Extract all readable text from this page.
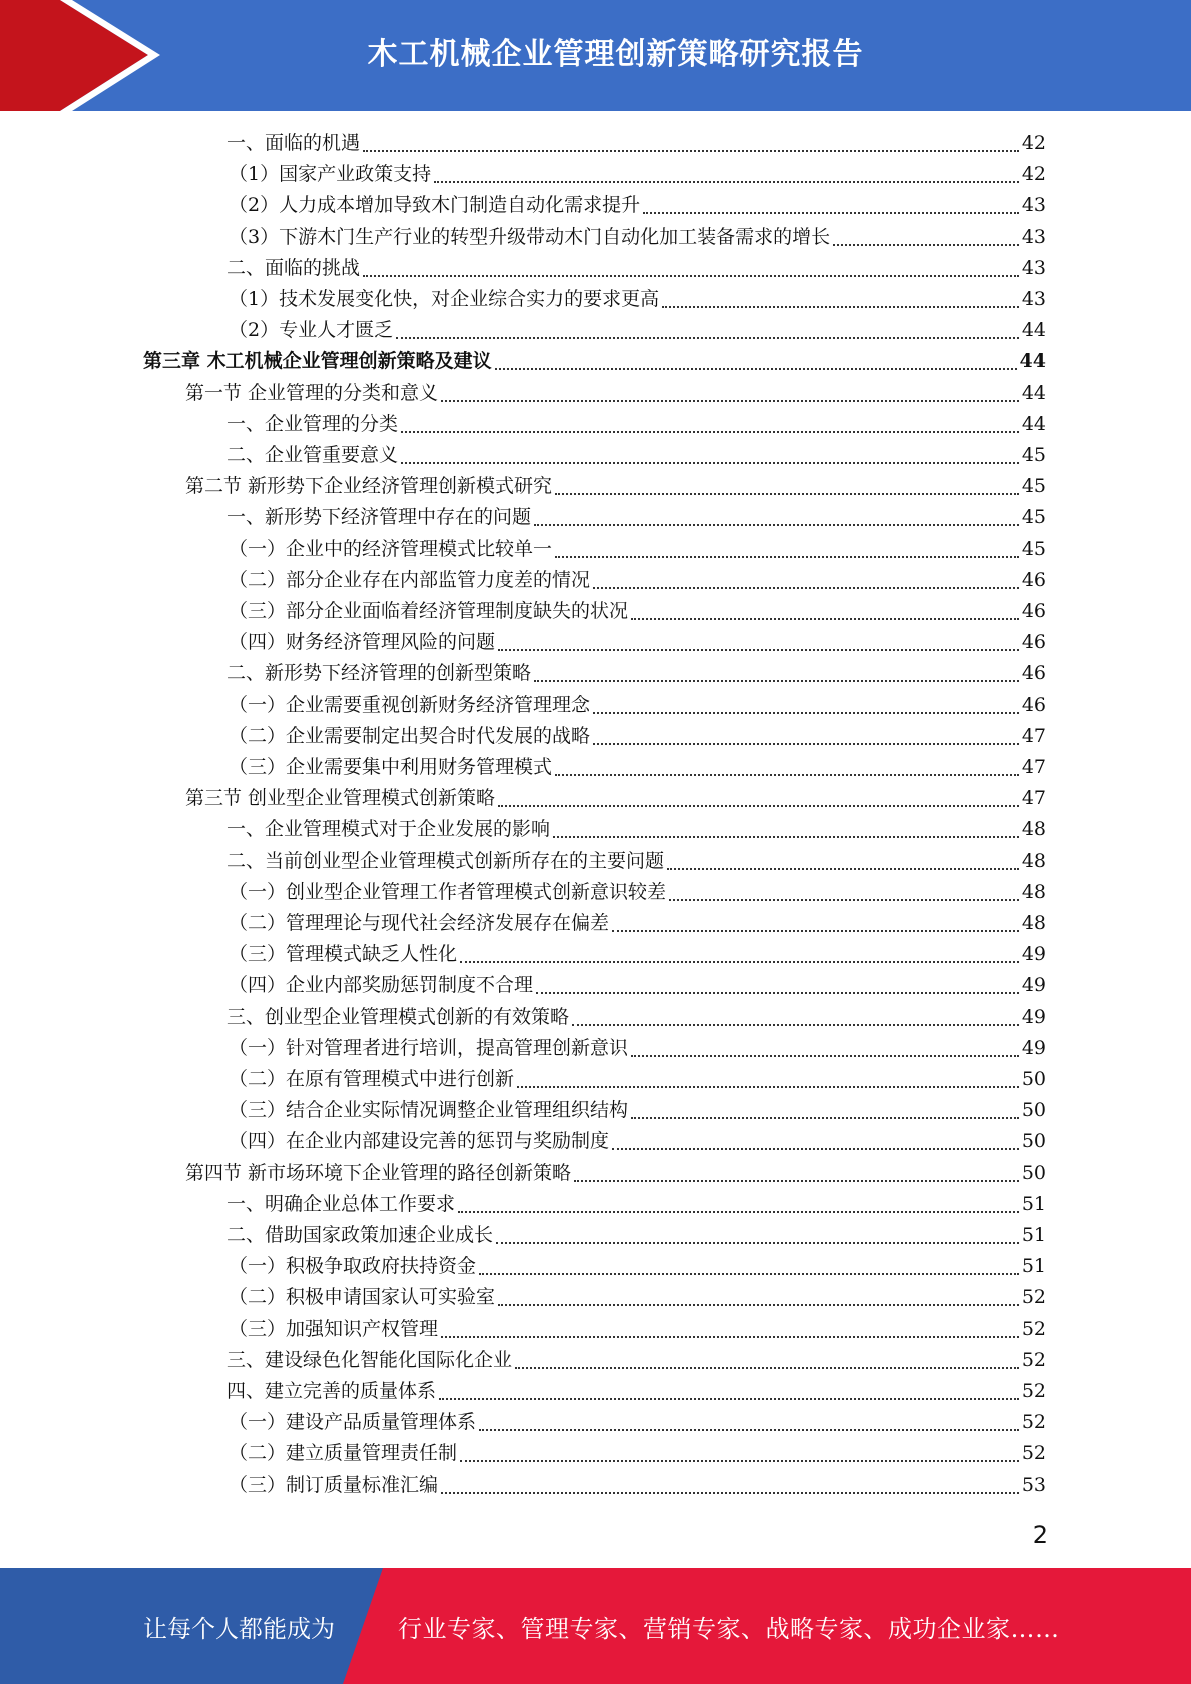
木工机械企业管理创新策略研究报告
一、面临的机遇	42
（1）国家产业政策支持	42
（2）人力成本增加导致木门制造自动化需求提升	43
（3）下游木门生产行业的转型升级带动木门自动化加工装备需求的增长	43
二、面临的挑战	43
（1）技术发展变化快，对企业综合实力的要求更高	43
（2）专业人才匮乏	44
第三章 木工机械企业管理创新策略及建议	44
第一节 企业管理的分类和意义	44
一、企业管理的分类	44
二、企业管重要意义	45
第二节 新形势下企业经济管理创新模式研究	45
一、新形势下经济管理中存在的问题	45
（一）企业中的经济管理模式比较单一	45
（二）部分企业存在内部监管力度差的情况	46
（三）部分企业面临着经济管理制度缺失的状况	46
（四）财务经济管理风险的问题	46
二、新形势下经济管理的创新型策略	46
（一）企业需要重视创新财务经济管理理念	46
（二）企业需要制定出契合时代发展的战略	47
（三）企业需要集中利用财务管理模式	47
第三节 创业型企业管理模式创新策略	47
一、企业管理模式对于企业发展的影响	48
二、当前创业型企业管理模式创新所存在的主要问题	48
（一）创业型企业管理工作者管理模式创新意识较差	48
（二）管理理论与现代社会经济发展存在偏差	48
（三）管理模式缺乏人性化	49
（四）企业内部奖励惩罚制度不合理	49
三、创业型企业管理模式创新的有效策略	49
（一）针对管理者进行培训，提高管理创新意识	49
（二）在原有管理模式中进行创新	50
（三）结合企业实际情况调整企业管理组织结构	50
（四）在企业内部建设完善的惩罚与奖励制度	50
第四节 新市场环境下企业管理的路径创新策略	50
一、明确企业总体工作要求	51
二、借助国家政策加速企业成长	51
（一）积极争取政府扶持资金	51
（二）积极申请国家认可实验室	52
（三）加强知识产权管理	52
三、建设绿色化智能化国际化企业	52
四、建立完善的质量体系	52
（一）建设产品质量管理体系	52
（二）建立质量管理责任制	52
（三）制订质量标准汇编	53
2
让每个人都能成为	行业专家、管理专家、营销专家、战略专家、成功企业家……
